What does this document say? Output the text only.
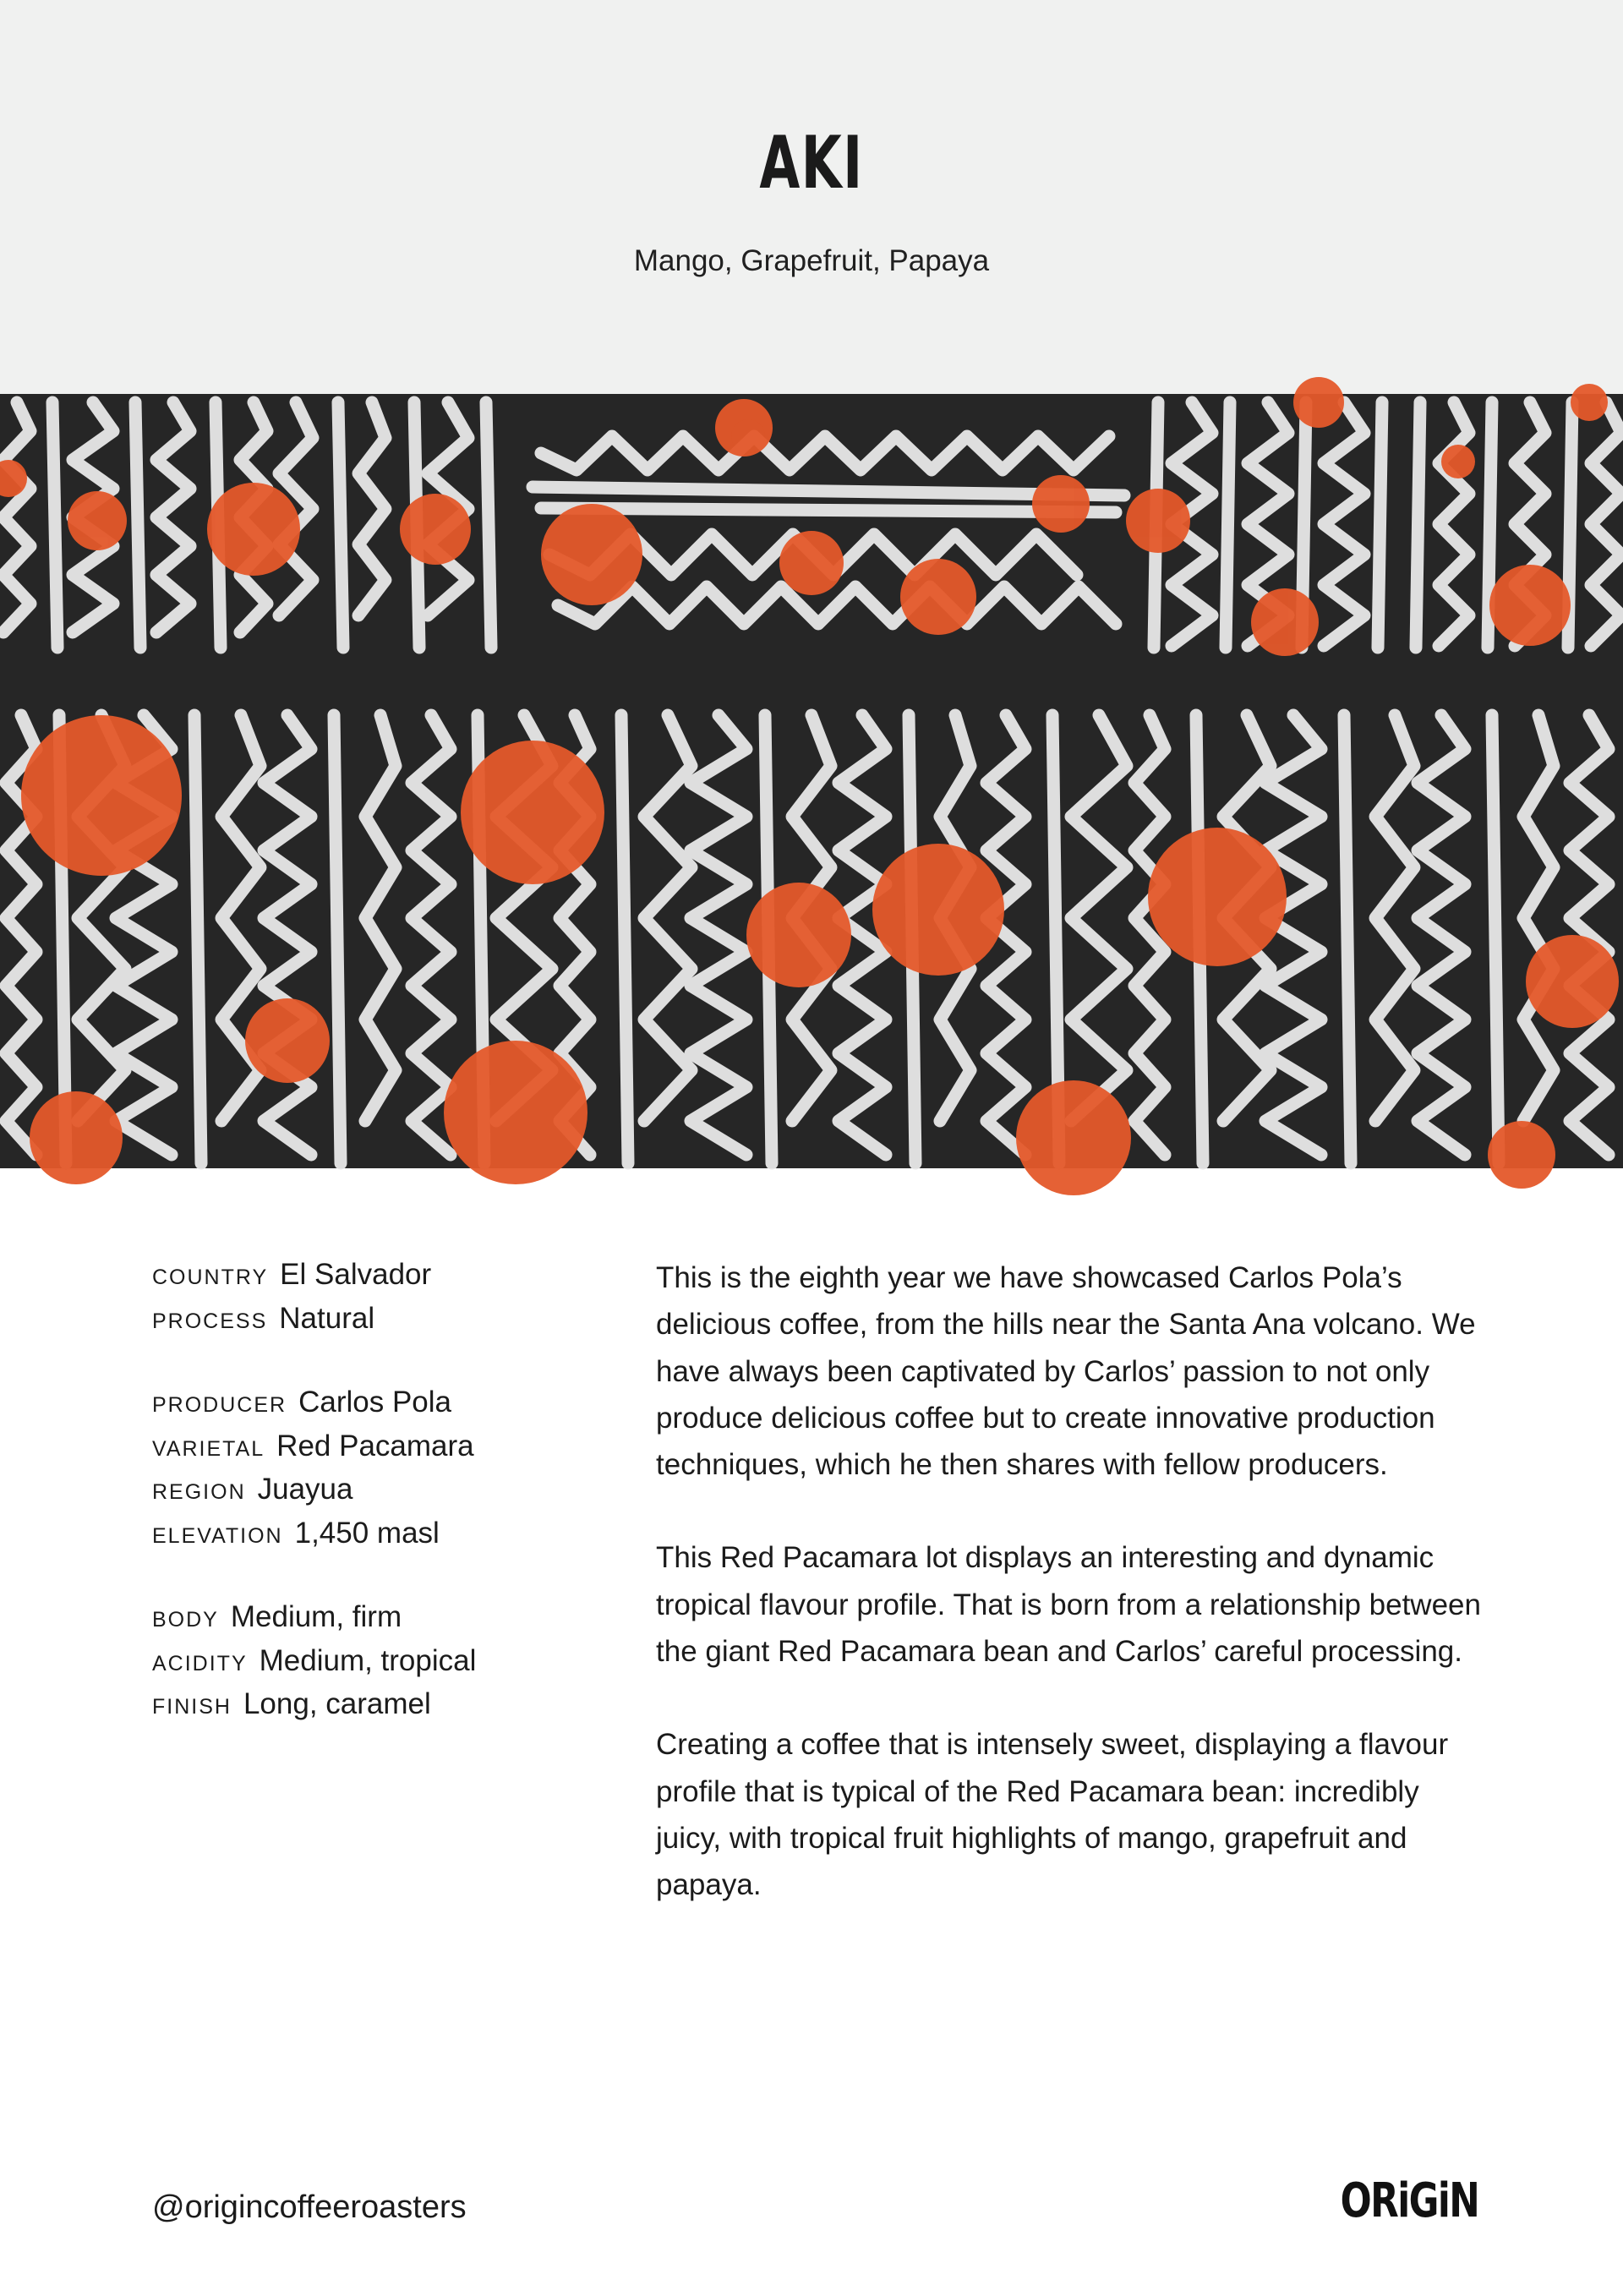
AKI

Mango, Grapefruit, Papaya

COUNTRY El Salvador
PROCESS Natural
PRODUCER Carlos Pola
VARIETAL Red Pacamara
REGION Juayua
ELEVATION 1,450 masl
BODY Medium, firm
ACIDITY Medium, tropical
FINISH Long, caramel

This is the eighth year we have showcased Carlos Pola’s delicious coffee, from the hills near the Santa Ana volcano. We have always been captivated by Carlos’ passion to not only produce delicious coffee but to create innovative production techniques, which he then shares with fellow producers.

This Red Pacamara lot displays an interesting and dynamic tropical flavour profile. That is born from a relationship between the giant Red Pacamara bean and Carlos’ careful processing.

Creating a coffee that is intensely sweet, displaying a flavour profile that is typical of the Red Pacamara bean: incredibly juicy, with tropical fruit highlights of mango, grapefruit and papaya.

@origincoffeeroasters	ORiGiN
